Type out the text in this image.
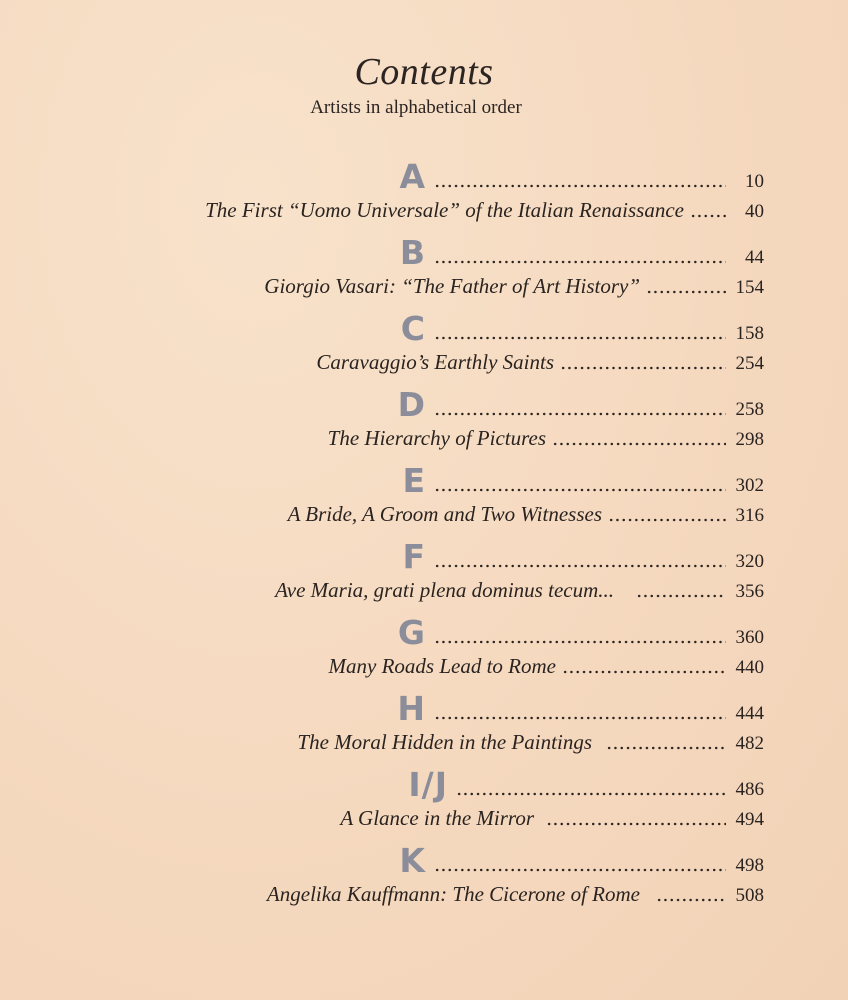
Contents
Artists in alphabetical order
A	10
The First “Uomo Universale” of the Italian Renaissance	40
B	44
Giorgio Vasari: “The Father of Art History”	154
C	158
Caravaggio’s Earthly Saints	254
D	258
The Hierarchy of Pictures	298
E	302
A Bride, A Groom and Two Witnesses	316
F	320
Ave Maria, grati plena dominus tecum...	356
G	360
Many Roads Lead to Rome	440
H	444
The Moral Hidden in the Paintings	482
I/J	486
A Glance in the Mirror	494
K	498
Angelika Kauffmann: The Cicerone of Rome	508
